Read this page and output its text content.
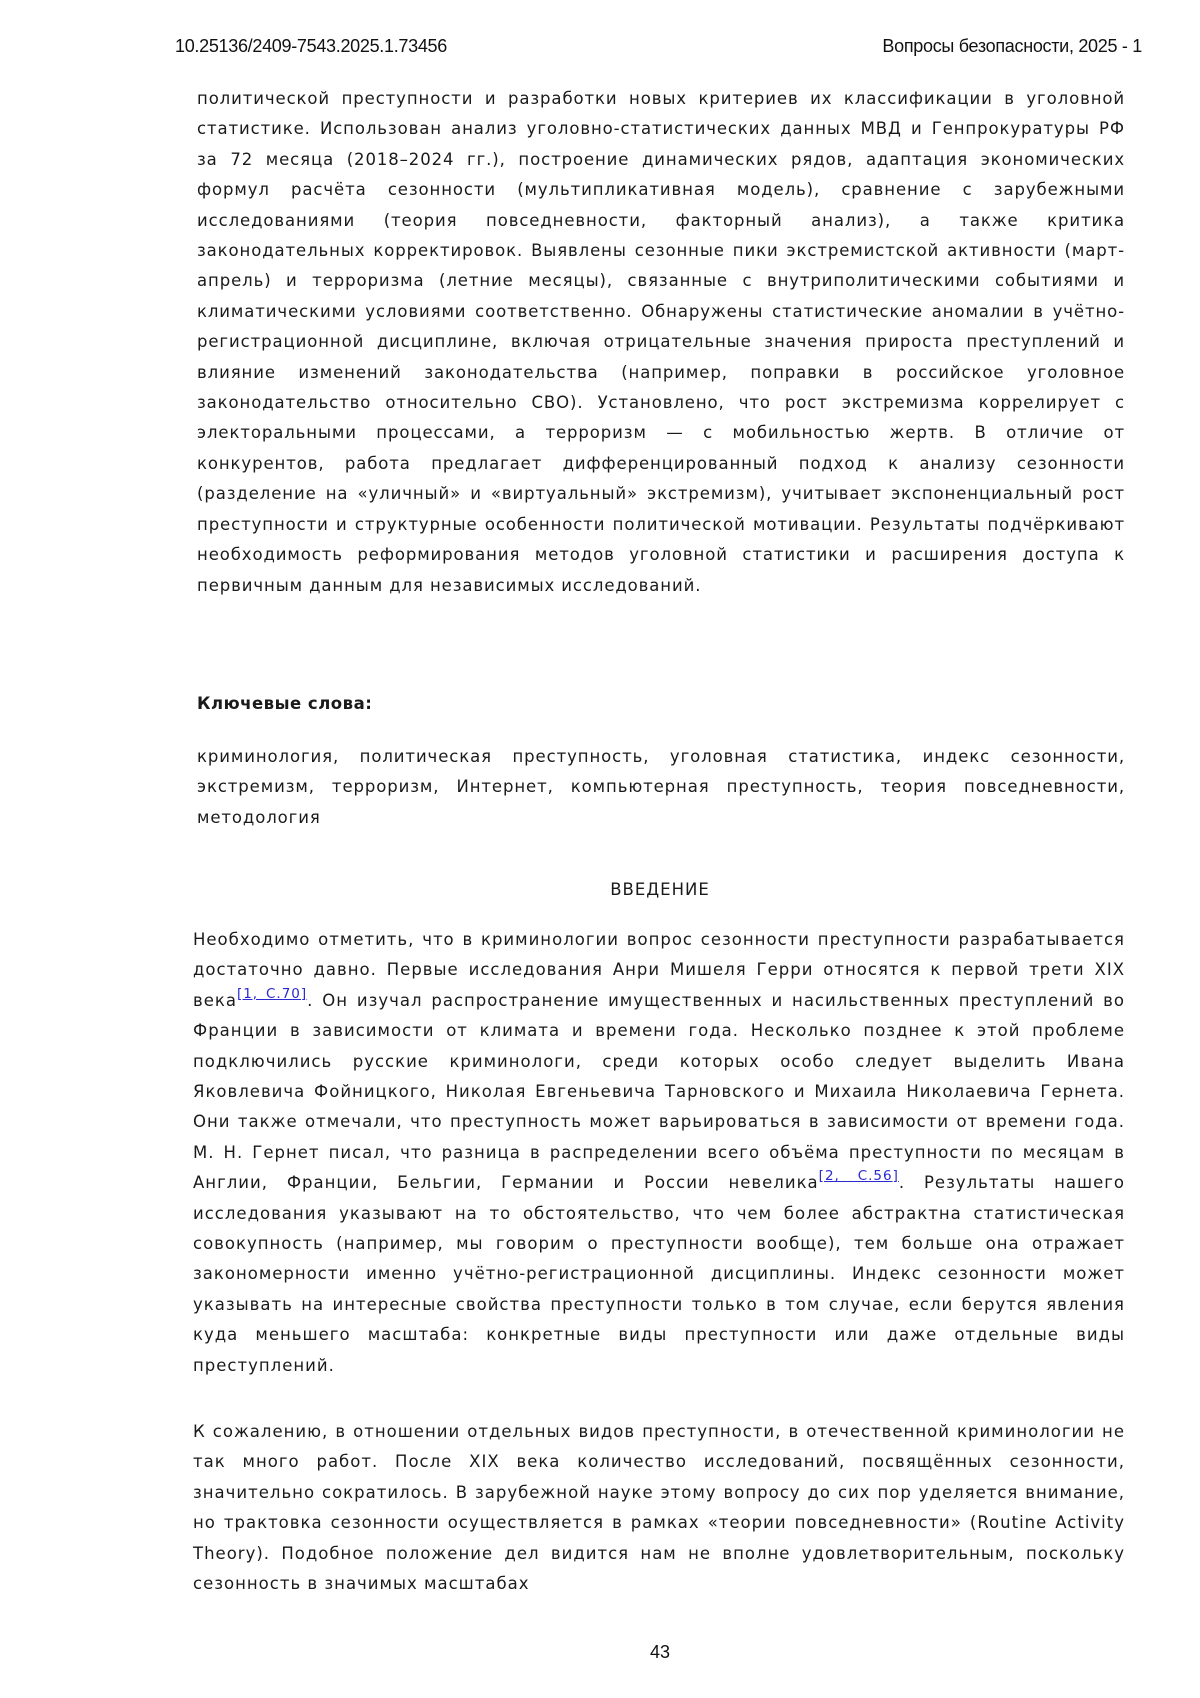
10.25136/2409-7543.2025.1.73456	Вопросы безопасности, 2025 - 1

политической преступности и разработки новых критериев их классификации в уголовной статистике. Использован анализ уголовно-статистических данных МВД и Генпрокуратуры РФ за 72 месяца (2018–2024 гг.), построение динамических рядов, адаптация экономических формул расчёта сезонности (мультипликативная модель), сравнение с зарубежными исследованиями (теория повседневности, факторный анализ), а также критика законодательных корректировок. Выявлены сезонные пики экстремистской активности (март-апрель) и терроризма (летние месяцы), связанные с внутриполитическими событиями и климатическими условиями соответственно. Обнаружены статистические аномалии в учётно-регистрационной дисциплине, включая отрицательные значения прироста преступлений и влияние изменений законодательства (например, поправки в российское уголовное законодательство относительно СВО). Установлено, что рост экстремизма коррелирует с электоральными процессами, а терроризм — с мобильностью жертв. В отличие от конкурентов, работа предлагает дифференцированный подход к анализу сезонности (разделение на «уличный» и «виртуальный» экстремизм), учитывает экспоненциальный рост преступности и структурные особенности политической мотивации. Результаты подчёркивают необходимость реформирования методов уголовной статистики и расширения доступа к первичным данным для независимых исследований.

Ключевые слова:

криминология, политическая преступность, уголовная статистика, индекс сезонности, экстремизм, терроризм, Интернет, компьютерная преступность, теория повседневности, методология

ВВЕДЕНИЕ

Необходимо отметить, что в криминологии вопрос сезонности преступности разрабатывается достаточно давно. Первые исследования Анри Мишеля Герри относятся к первой трети XIX века[1, С.70]. Он изучал распространение имущественных и насильственных преступлений во Франции в зависимости от климата и времени года. Несколько позднее к этой проблеме подключились русские криминологи, среди которых особо следует выделить Ивана Яковлевича Фойницкого, Николая Евгеньевича Тарновского и Михаила Николаевича Гернета. Они также отмечали, что преступность может варьироваться в зависимости от времени года. М. Н. Гернет писал, что разница в распределении всего объёма преступности по месяцам в Англии, Франции, Бельгии, Германии и России невелика[2, С.56]. Результаты нашего исследования указывают на то обстоятельство, что чем более абстрактна статистическая совокупность (например, мы говорим о преступности вообще), тем больше она отражает закономерности именно учётно-регистрационной дисциплины. Индекс сезонности может указывать на интересные свойства преступности только в том случае, если берутся явления куда меньшего масштаба: конкретные виды преступности или даже отдельные виды преступлений.

К сожалению, в отношении отдельных видов преступности, в отечественной криминологии не так много работ. После XIX века количество исследований, посвящённых сезонности, значительно сократилось. В зарубежной науке этому вопросу до сих пор уделяется внимание, но трактовка сезонности осуществляется в рамках «теории повседневности» (Routine Activity Theory). Подобное положение дел видится нам не вполне удовлетворительным, поскольку сезонность в значимых масштабах

43
